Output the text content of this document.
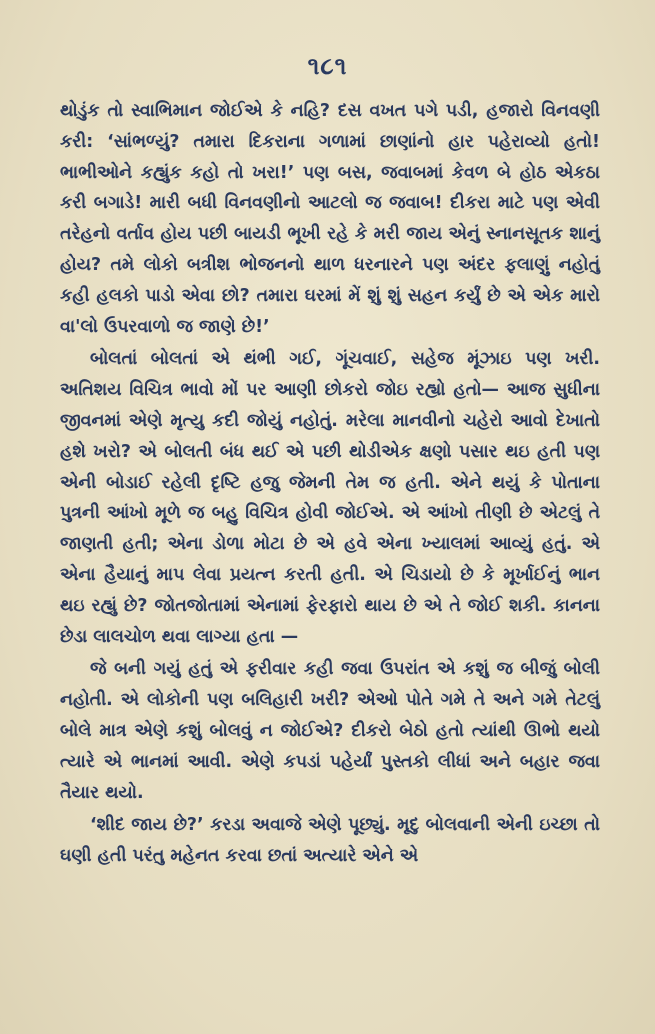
૧૮૧

થોડુંક તો સ્વાભિમાન જોઈએ કે નહિ? દસ વખત પગે પડી, હજારો વિનવણી કરી: ‘સાંભળ્યું? તમારા દિકરાના ગળામાં છાણાંનો હાર પહેરાવ્યો હતો! ભાભીઓને કહ્યુંક કહો તો ખરા!’ પણ બસ, જવાબમાં કેવળ બે હોઠ એકઠા કરી બગાડે! મારી બધી વિનવણીનો આટલો જ જવાબ! દીકરા માટે પણ એવી તરેહનો વર્તાવ હોય પછી બાયડી ભૂખી રહે કે મરી જાય એનું સ્નાનસૂતક શાનું હોય? તમે લોકો બત્રીશ ભોજનનો થાળ ધરનારને પણ અંદર ફલાણું નહોતું કહી હલકો પાડો એવા છો? તમારા ઘરમાં મેં શું શું સહન કર્યું છે એ એક મારો વા'લો ઉપરવાળો જ જાણે છે!’

બોલતાં બોલતાં એ થંભી ગઈ, ગૂંચવાઈ, સહેજ મૂંઝાઇ પણ ખરી. અતિશય વિચિત્ર ભાવો મોં પર આણી છોકરો જોઇ રહ્યો હતો— આજ સુધીના જીવનમાં એણે મૃત્યુ કદી જોયું નહોતું. મરેલા માનવીનો ચહેરો આવો દેખાતો હશે ખરો? એ બોલતી બંધ થઈ એ પછી થોડીએક ક્ષણો પસાર થઇ હતી પણ એની બોડાઈ રહેલી દૃષ્ટિ હજુ જેમની તેમ જ હતી. એને થયું કે પોતાના પુત્રની આંખો મૂળે જ બહુ વિચિત્ર હોવી જોઈએ. એ આંખો તીણી છે એટલું તે જાણતી હતી; એના ડોળા મોટા છે એ હવે એના ખ્યાલમાં આવ્યું હતું. એ એના હૈયાનું માપ લેવા પ્રયત્ન કરતી હતી. એ ચિડાયો છે કે મૂર્ખાઈનું ભાન થઇ રહ્યું છે? જોતજોતામાં એનામાં ફેરફારો થાય છે એ તે જોઈ શકી. કાનના છેડા લાલચોળ થવા લાગ્યા હતા —

જે બની ગયું હતું એ ફરીવાર કહી જવા ઉપરાંત એ કશું જ બીજું બોલી નહોતી. એ લોકોની પણ બલિહારી ખરી? એઓ પોતે ગમે તે અને ગમે તેટલું બોલે માત્ર એણે કશું બોલવું ન જોઈએ? દીકરો બેઠો હતો ત્યાંથી ઊભો થયો ત્યારે એ ભાનમાં આવી. એણે કપડાં પહેર્યાં પુસ્તકો લીધાં અને બહાર જવા તૈયાર થયો.

‘શીદ જાય છે?’ કરડા અવાજે એણે પૂછ્યું. મૃદુ બોલવાની એની ઇચ્છા તો ઘણી હતી પરંતુ મહેનત કરવા છતાં અત્યારે એને એ
